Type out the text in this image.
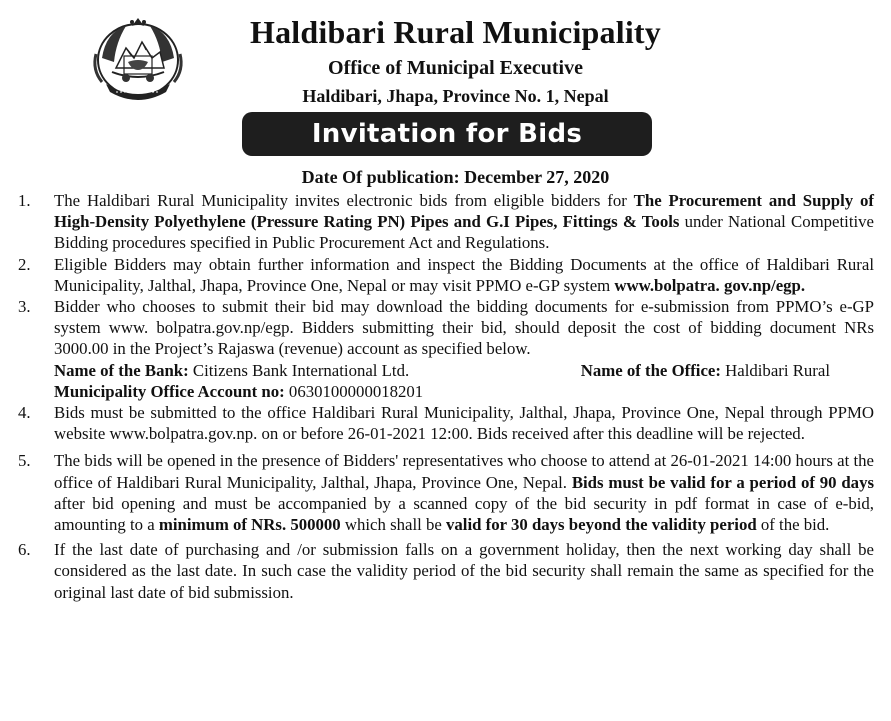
Haldibari Rural Municipality
Office of Municipal Executive
Haldibari, Jhapa, Province No. 1, Nepal
Invitation for Bids
Date Of publication: December 27, 2020
1.	The Haldibari Rural Municipality invites electronic bids from eligible bidders for The Procurement and Supply of High-Density Polyethylene (Pressure Rating PN) Pipes and G.I Pipes, Fittings & Tools under National Competitive Bidding procedures specified in Public Procurement Act and Regulations.
2.	Eligible Bidders may obtain further information and inspect the Bidding Documents at the office of Haldibari Rural Municipality, Jalthal, Jhapa, Province One, Nepal or may visit PPMO e-GP system www.bolpatra. gov.np/egp.
3.	Bidder who chooses to submit their bid may download the bidding documents for e-submission from PPMO’s e-GP system www. bolpatra.gov.np/egp. Bidders submitting their bid, should deposit the cost of bidding document NRs 3000.00 in the Project’s Rajaswa (revenue) account as specified below.
Name of the Bank: Citizens Bank International Ltd.	Name of the Office: Haldibari Rural
Municipality Office Account no: 0630100000018201
4.	Bids must be submitted to the office Haldibari Rural Municipality, Jalthal, Jhapa, Province One, Nepal through PPMO website www.bolpatra.gov.np. on or before 26-01-2021 12:00. Bids received after this deadline will be rejected.
5.	The bids will be opened in the presence of Bidders' representatives who choose to attend at 26-01-2021 14:00 hours at the office of Haldibari Rural Municipality, Jalthal, Jhapa, Province One, Nepal. Bids must be valid for a period of 90 days after bid opening and must be accompanied by a scanned copy of the bid security in pdf format in case of e-bid, amounting to a minimum of NRs. 500000 which shall be valid for 30 days beyond the validity period of the bid.
6.	If the last date of purchasing and /or submission falls on a government holiday, then the next working day shall be considered as the last date. In such case the validity period of the bid security shall remain the same as specified for the original last date of bid submission.
